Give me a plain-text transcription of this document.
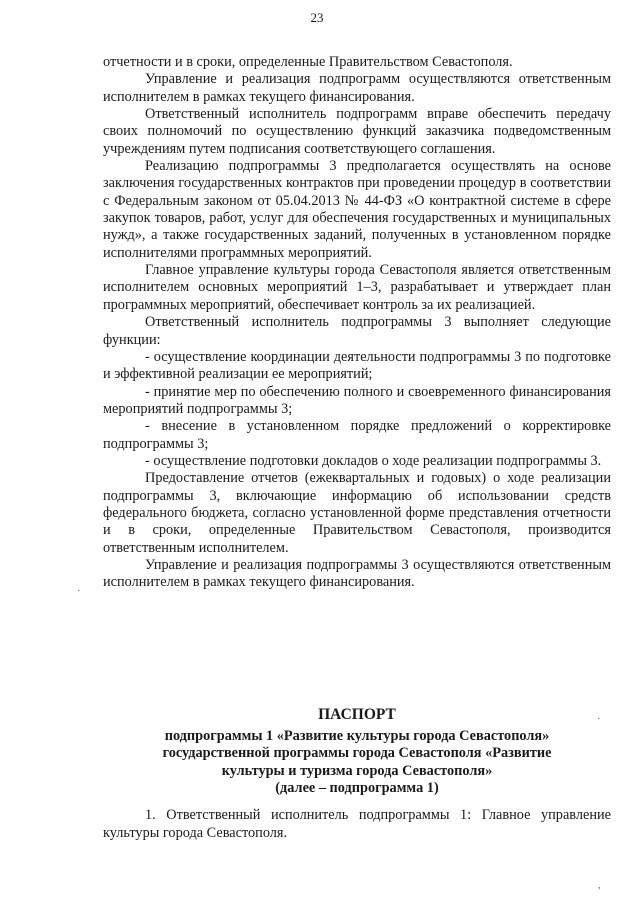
23

отчетности и в сроки, определенные Правительством Севастополя.

Управление и реализация подпрограмм осуществляются ответственным исполнителем в рамках текущего финансирования.

Ответственный исполнитель подпрограмм вправе обеспечить передачу своих полномочий по осуществлению функций заказчика подведомственным учреждениям путем подписания соответствующего соглашения.

Реализацию подпрограммы 3 предполагается осуществлять на основе заключения государственных контрактов при проведении процедур в соответствии с Федеральным законом от 05.04.2013 № 44-ФЗ «О контрактной системе в сфере закупок товаров, работ, услуг для обеспечения государственных и муниципальных нужд», а также государственных заданий, полученных в установленном порядке исполнителями программных мероприятий.

Главное управление культуры города Севастополя является ответственным исполнителем основных мероприятий 1–3, разрабатывает и утверждает план программных мероприятий, обеспечивает контроль за их реализацией.

Ответственный исполнитель подпрограммы 3 выполняет следующие функции:

- осуществление координации деятельности подпрограммы 3 по подготовке и эффективной реализации ее мероприятий;

- принятие мер по обеспечению полного и своевременного финансирования мероприятий подпрограммы 3;

- внесение в установленном порядке предложений о корректировке подпрограммы 3;

- осуществление подготовки докладов о ходе реализации подпрограммы 3.

Предоставление отчетов (ежеквартальных и годовых) о ходе реализации подпрограммы 3, включающие информацию об использовании средств федерального бюджета, согласно установленной форме представления отчетности и в сроки, определенные Правительством Севастополя, производится ответственным исполнителем.

Управление и реализация подпрограммы 3 осуществляются ответственным исполнителем в рамках текущего финансирования.

ПАСПОРТ
подпрограммы 1 «Развитие культуры города Севастополя»
государственной программы города Севастополя «Развитие
культуры и туризма города Севастополя»
(далее – подпрограмма 1)

1. Ответственный исполнитель подпрограммы 1: Главное управление культуры города Севастополя.

·
·
,
